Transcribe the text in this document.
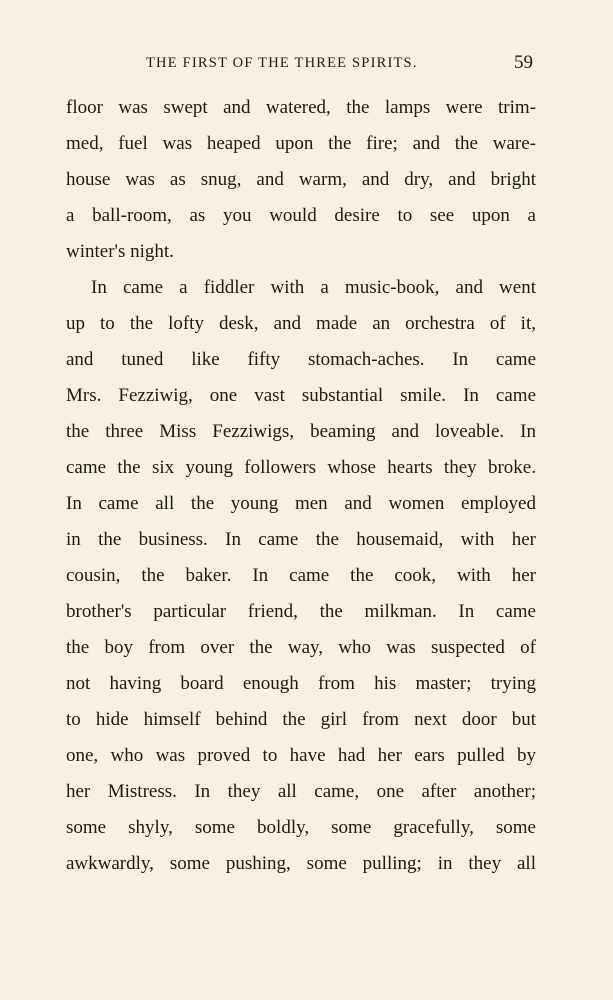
THE FIRST OF THE THREE SPIRITS.	59
floor was swept and watered, the lamps were trim-
med, fuel was heaped upon the fire; and the ware-
house was as snug, and warm, and dry, and bright
a ball-room, as you would desire to see upon a
winter's night.
In came a fiddler with a music-book, and went
up to the lofty desk, and made an orchestra of it,
and tuned like fifty stomach-aches. In came
Mrs. Fezziwig, one vast substantial smile. In came
the three Miss Fezziwigs, beaming and loveable. In
came the six young followers whose hearts they broke.
In came all the young men and women employed
in the business. In came the housemaid, with her
cousin, the baker. In came the cook, with her
brother's particular friend, the milkman. In came
the boy from over the way, who was suspected of
not having board enough from his master; trying
to hide himself behind the girl from next door but
one, who was proved to have had her ears pulled by
her Mistress. In they all came, one after another;
some shyly, some boldly, some gracefully, some
awkwardly, some pushing, some pulling; in they all
